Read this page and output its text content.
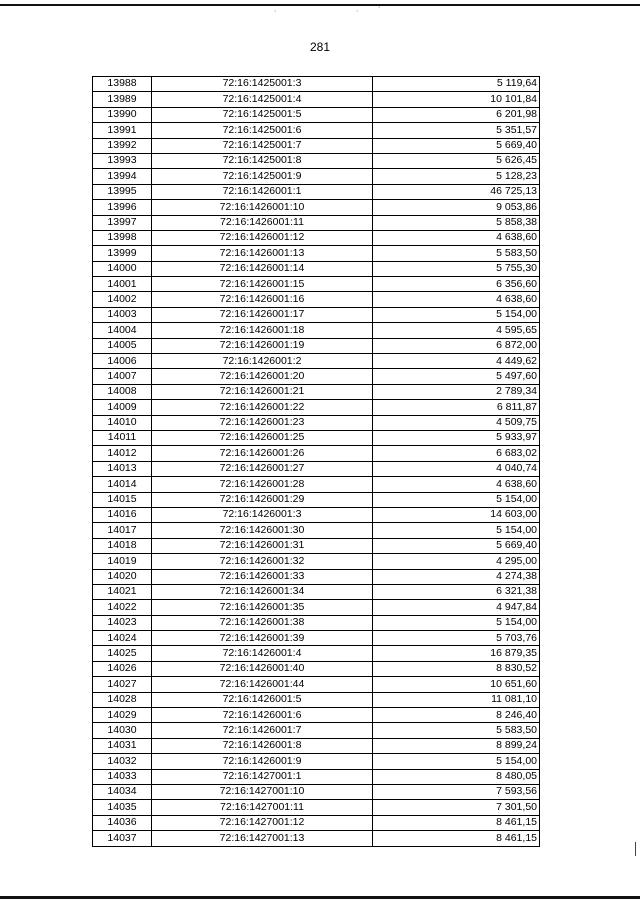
·	·
·
281
13988	72:16:1425001:3	5 119,64
13989	72:16:1425001:4	10 101,84
13990	72:16:1425001:5	6 201,98
13991	72:16:1425001:6	5 351,57
13992	72:16:1425001:7	5 669,40
13993	72:16:1425001:8	5 626,45
13994	72:16:1425001:9	5 128,23
13995	72:16:1426001:1	46 725,13
13996	72:16:1426001:10	9 053,86
13997	72:16:1426001:11	5 858,38
13998	72:16:1426001:12	4 638,60
13999	72:16:1426001:13	5 583,50
14000	72:16:1426001:14	5 755,30
14001	72:16:1426001:15	6 356,60
14002	72:16:1426001:16	4 638,60
14003	72:16:1426001:17	5 154,00
14004	72:16:1426001:18	4 595,65
14005	72:16:1426001:19	6 872,00
14006	72:16:1426001:2	4 449,62
14007	72:16:1426001:20	5 497,60
14008	72:16:1426001:21	2 789,34
14009	72:16:1426001:22	6 811,87
14010	72:16:1426001:23	4 509,75
14011	72:16:1426001:25	5 933,97
14012	72:16:1426001:26	6 683,02
14013	72:16:1426001:27	4 040,74
14014	72:16:1426001:28	4 638,60
14015	72:16:1426001:29	5 154,00
14016	72:16:1426001:3	14 603,00
14017	72:16:1426001:30	5 154,00
14018	72:16:1426001:31	5 669,40
14019	72:16:1426001:32	4 295,00
14020	72:16:1426001:33	4 274,38
14021	72:16:1426001:34	6 321,38
14022	72:16:1426001:35	4 947,84
14023	72:16:1426001:38	5 154,00
14024	72:16:1426001:39	5 703,76
14025	72:16:1426001:4	16 879,35
14026	72:16:1426001:40	8 830,52
14027	72:16:1426001:44	10 651,60
14028	72:16:1426001:5	11 081,10
14029	72:16:1426001:6	8 246,40
14030	72:16:1426001:7	5 583,50
14031	72:16:1426001:8	8 899,24
14032	72:16:1426001:9	5 154,00
14033	72:16:1427001:1	8 480,05
14034	72:16:1427001:10	7 593,56
14035	72:16:1427001:11	7 301,50
14036	72:16:1427001:12	8 461,15
14037	72:16:1427001:13	8 461,15
